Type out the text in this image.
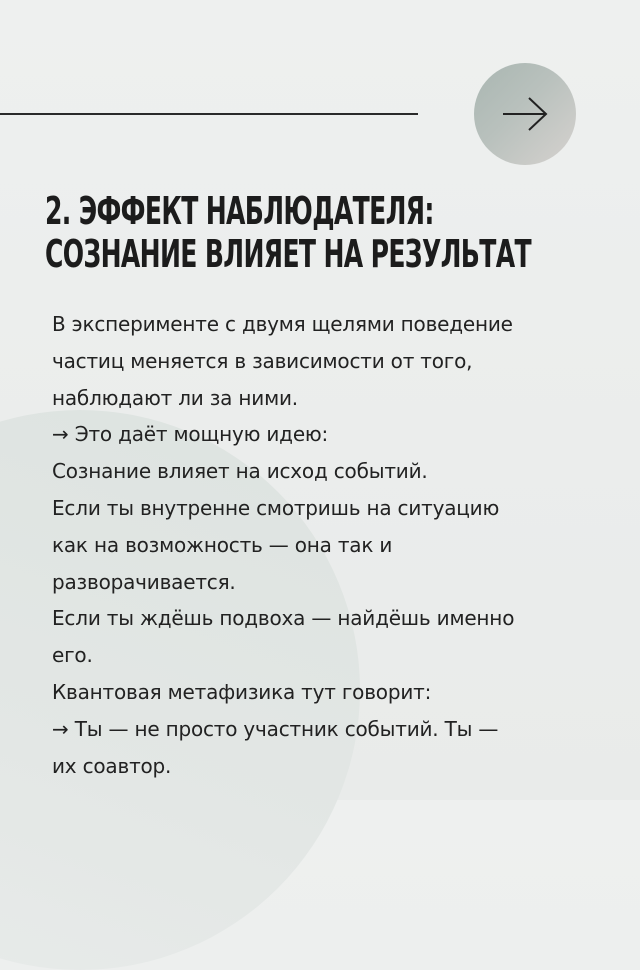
2. ЭФФЕКТ НАБЛЮДАТЕЛЯ:
СОЗНАНИЕ ВЛИЯЕТ НА РЕЗУЛЬТАТ
В эксперименте с двумя щелями поведение
частиц меняется в зависимости от того,
наблюдают ли за ними.
→ Это даёт мощную идею:
Сознание влияет на исход событий.
Если ты внутренне смотришь на ситуацию
как на возможность — она так и
разворачивается.
Если ты ждёшь подвоха — найдёшь именно
его.
Квантовая метафизика тут говорит:
→ Ты — не просто участник событий. Ты —
их соавтор.
